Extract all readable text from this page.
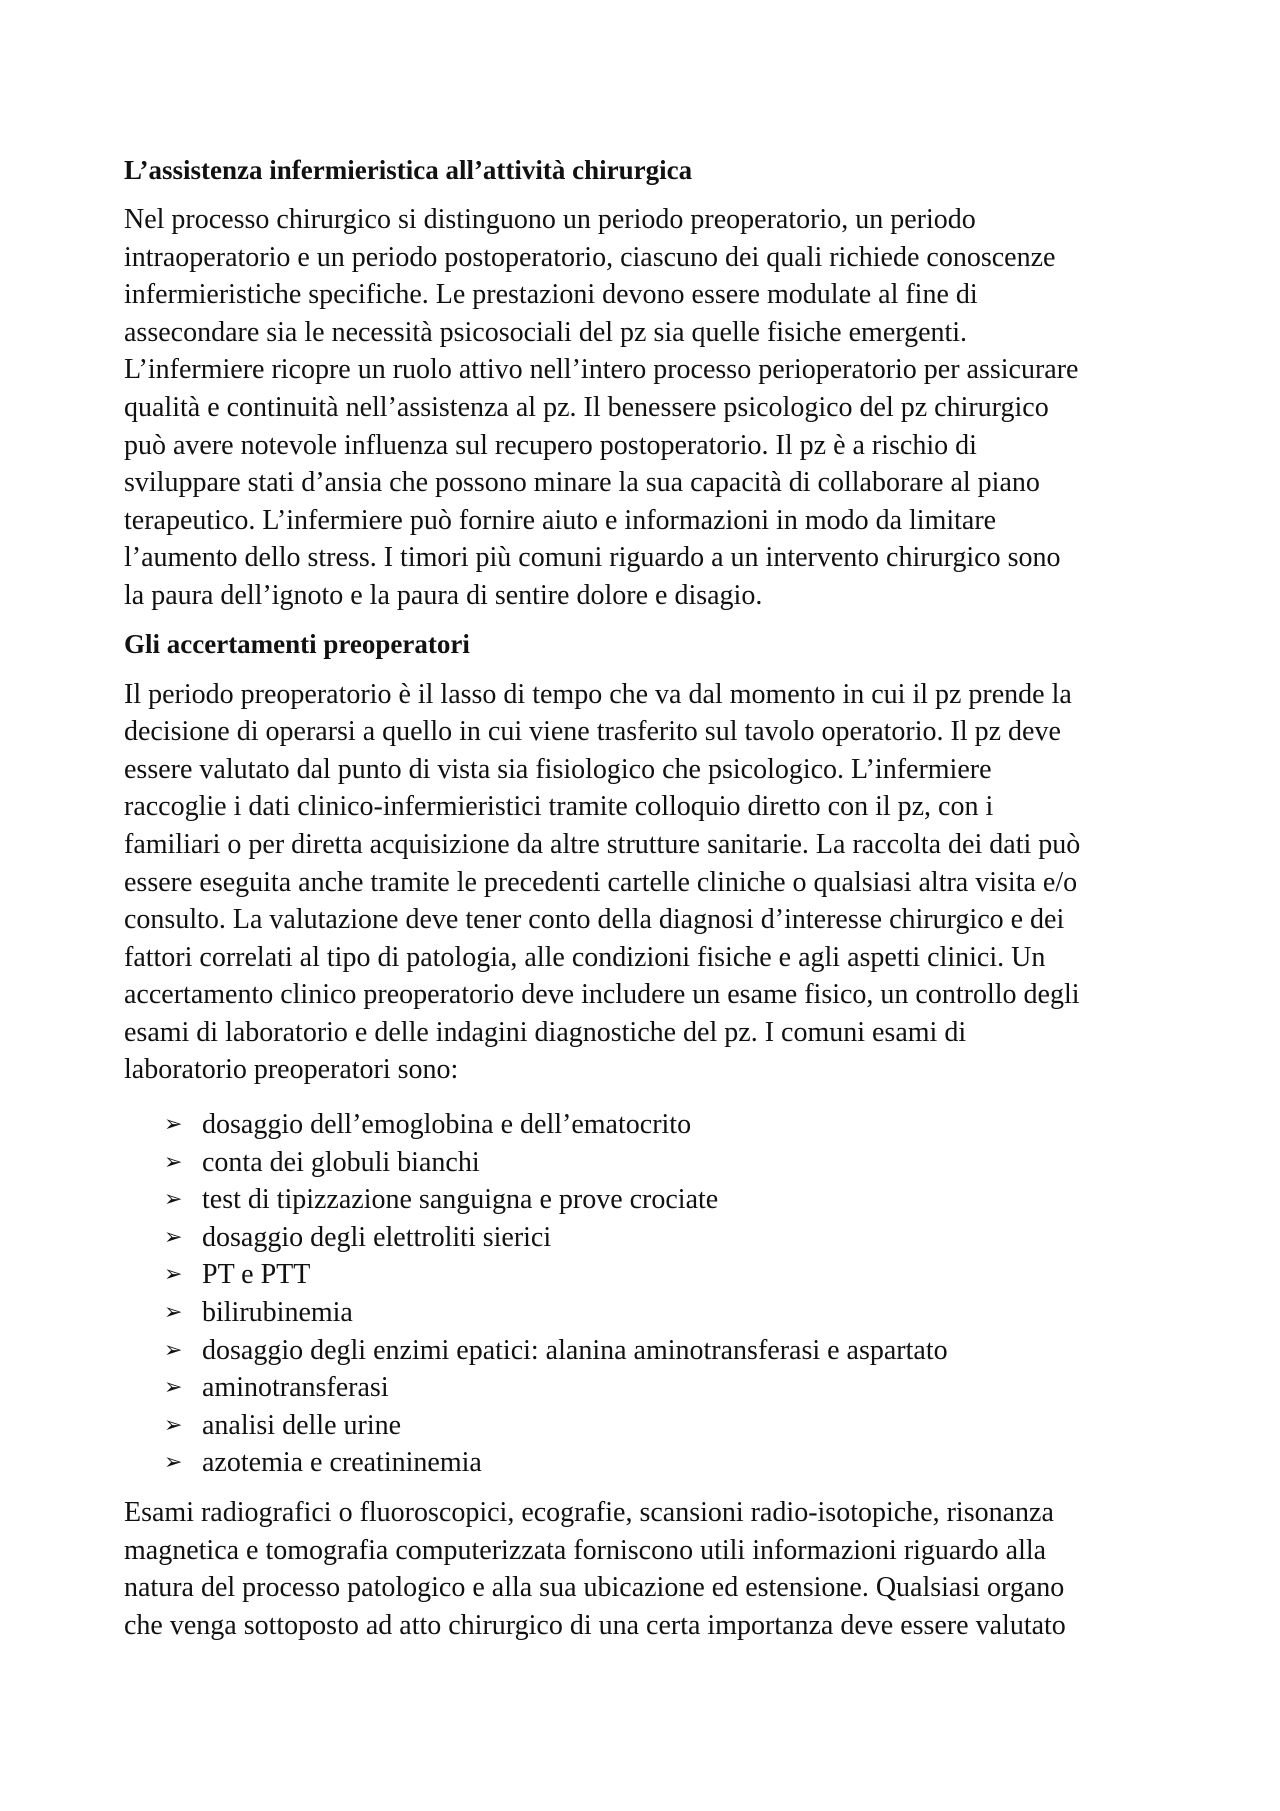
L’assistenza infermieristica all’attività chirurgica
Nel processo chirurgico si distinguono un periodo preoperatorio, un periodo
intraoperatorio e un periodo postoperatorio, ciascuno dei quali richiede conoscenze
infermieristiche specifiche. Le prestazioni devono essere modulate al fine di
assecondare sia le necessità psicosociali del pz sia quelle fisiche emergenti.
L’infermiere ricopre un ruolo attivo nell’intero processo perioperatorio per assicurare
qualità e continuità nell’assistenza al pz. Il benessere psicologico del pz chirurgico
può avere notevole influenza sul recupero postoperatorio. Il pz è a rischio di
sviluppare stati d’ansia che possono minare la sua capacità di collaborare al piano
terapeutico. L’infermiere può fornire aiuto e informazioni in modo da limitare
l’aumento dello stress. I timori più comuni riguardo a un intervento chirurgico sono
la paura dell’ignoto e la paura di sentire dolore e disagio.
Gli accertamenti preoperatori
Il periodo preoperatorio è il lasso di tempo che va dal momento in cui il pz prende la
decisione di operarsi a quello in cui viene trasferito sul tavolo operatorio. Il pz deve
essere valutato dal punto di vista sia fisiologico che psicologico. L’infermiere
raccoglie i dati clinico-infermieristici tramite colloquio diretto con il pz, con i
familiari o per diretta acquisizione da altre strutture sanitarie. La raccolta dei dati può
essere eseguita anche tramite le precedenti cartelle cliniche o qualsiasi altra visita e/o
consulto. La valutazione deve tener conto della diagnosi d’interesse chirurgico e dei
fattori correlati al tipo di patologia, alle condizioni fisiche e agli aspetti clinici. Un
accertamento clinico preoperatorio deve includere un esame fisico, un controllo degli
esami di laboratorio e delle indagini diagnostiche del pz. I comuni esami di
laboratorio preoperatori sono:
➢ dosaggio dell’emoglobina e dell’ematocrito
➢ conta dei globuli bianchi
➢ test di tipizzazione sanguigna e prove crociate
➢ dosaggio degli elettroliti sierici
➢ PT e PTT
➢ bilirubinemia
➢ dosaggio degli enzimi epatici: alanina aminotransferasi e aspartato
➢ aminotransferasi
➢ analisi delle urine
➢ azotemia e creatininemia
Esami radiografici o fluoroscopici, ecografie, scansioni radio-isotopiche, risonanza
magnetica e tomografia computerizzata forniscono utili informazioni riguardo alla
natura del processo patologico e alla sua ubicazione ed estensione. Qualsiasi organo
che venga sottoposto ad atto chirurgico di una certa importanza deve essere valutato
